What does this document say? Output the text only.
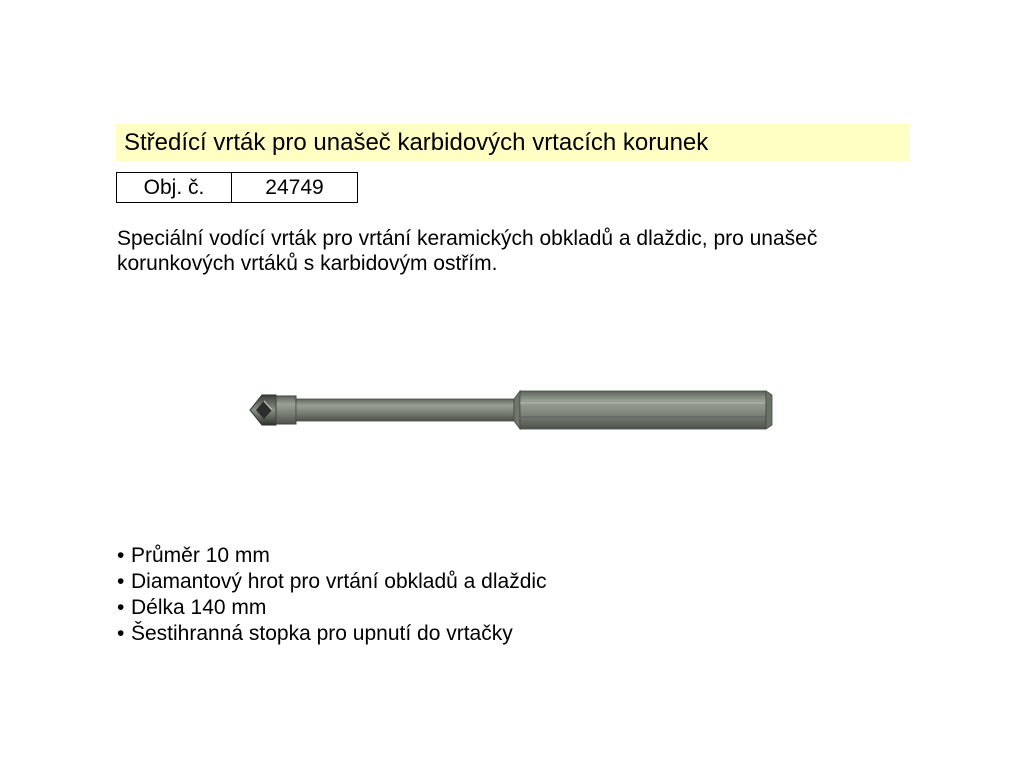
Středící vrták pro unašeč karbidových vrtacích korunek
Obj. č.	24749
Speciální vodící vrták pro vrtání keramických obkladů a dlaždic, pro unašeč korunkových vrtáků s karbidovým ostřím.
• Průměr 10 mm
• Diamantový hrot pro vrtání obkladů a dlaždic
• Délka 140 mm
• Šestihranná stopka pro upnutí do vrtačky
